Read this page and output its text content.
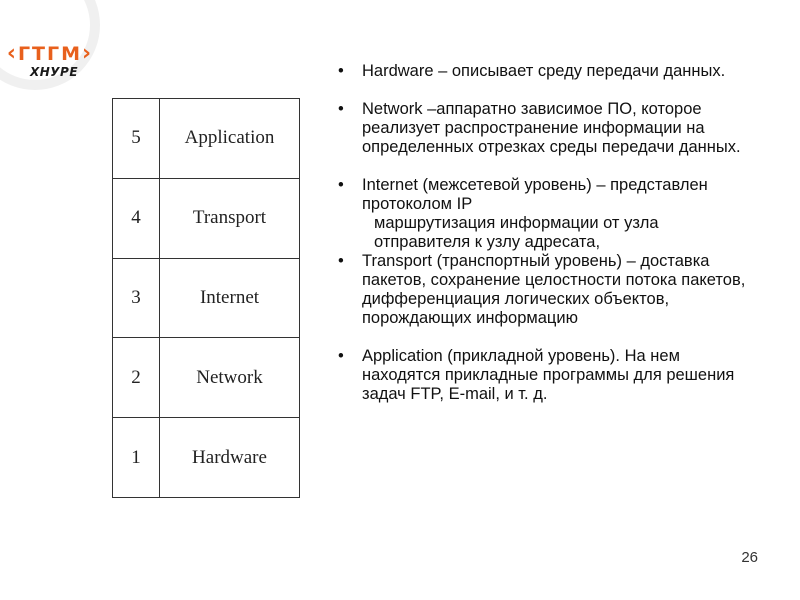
‹ ГТГМ ›
ХНУРЕ
5	Application
4	Transport
3	Internet
2	Network
1	Hardware
• Hardware – описывает среду передачи данных.
• Network –аппаратно зависимое ПО, которое реализует распространение информации на определенных отрезках среды передачи данных.
• Internet (межсетевой уровень) – представлен протоколом IP
маршрутизация информации от узла отправителя к узлу адресата,
• Transport (транспортный уровень) – доставка пакетов, сохранение целостности потока пакетов, дифференциация логических объектов, порождающих информацию
• Application (прикладной уровень). На нем находятся прикладные программы для решения задач FTP, E-mail, и т. д.
26
